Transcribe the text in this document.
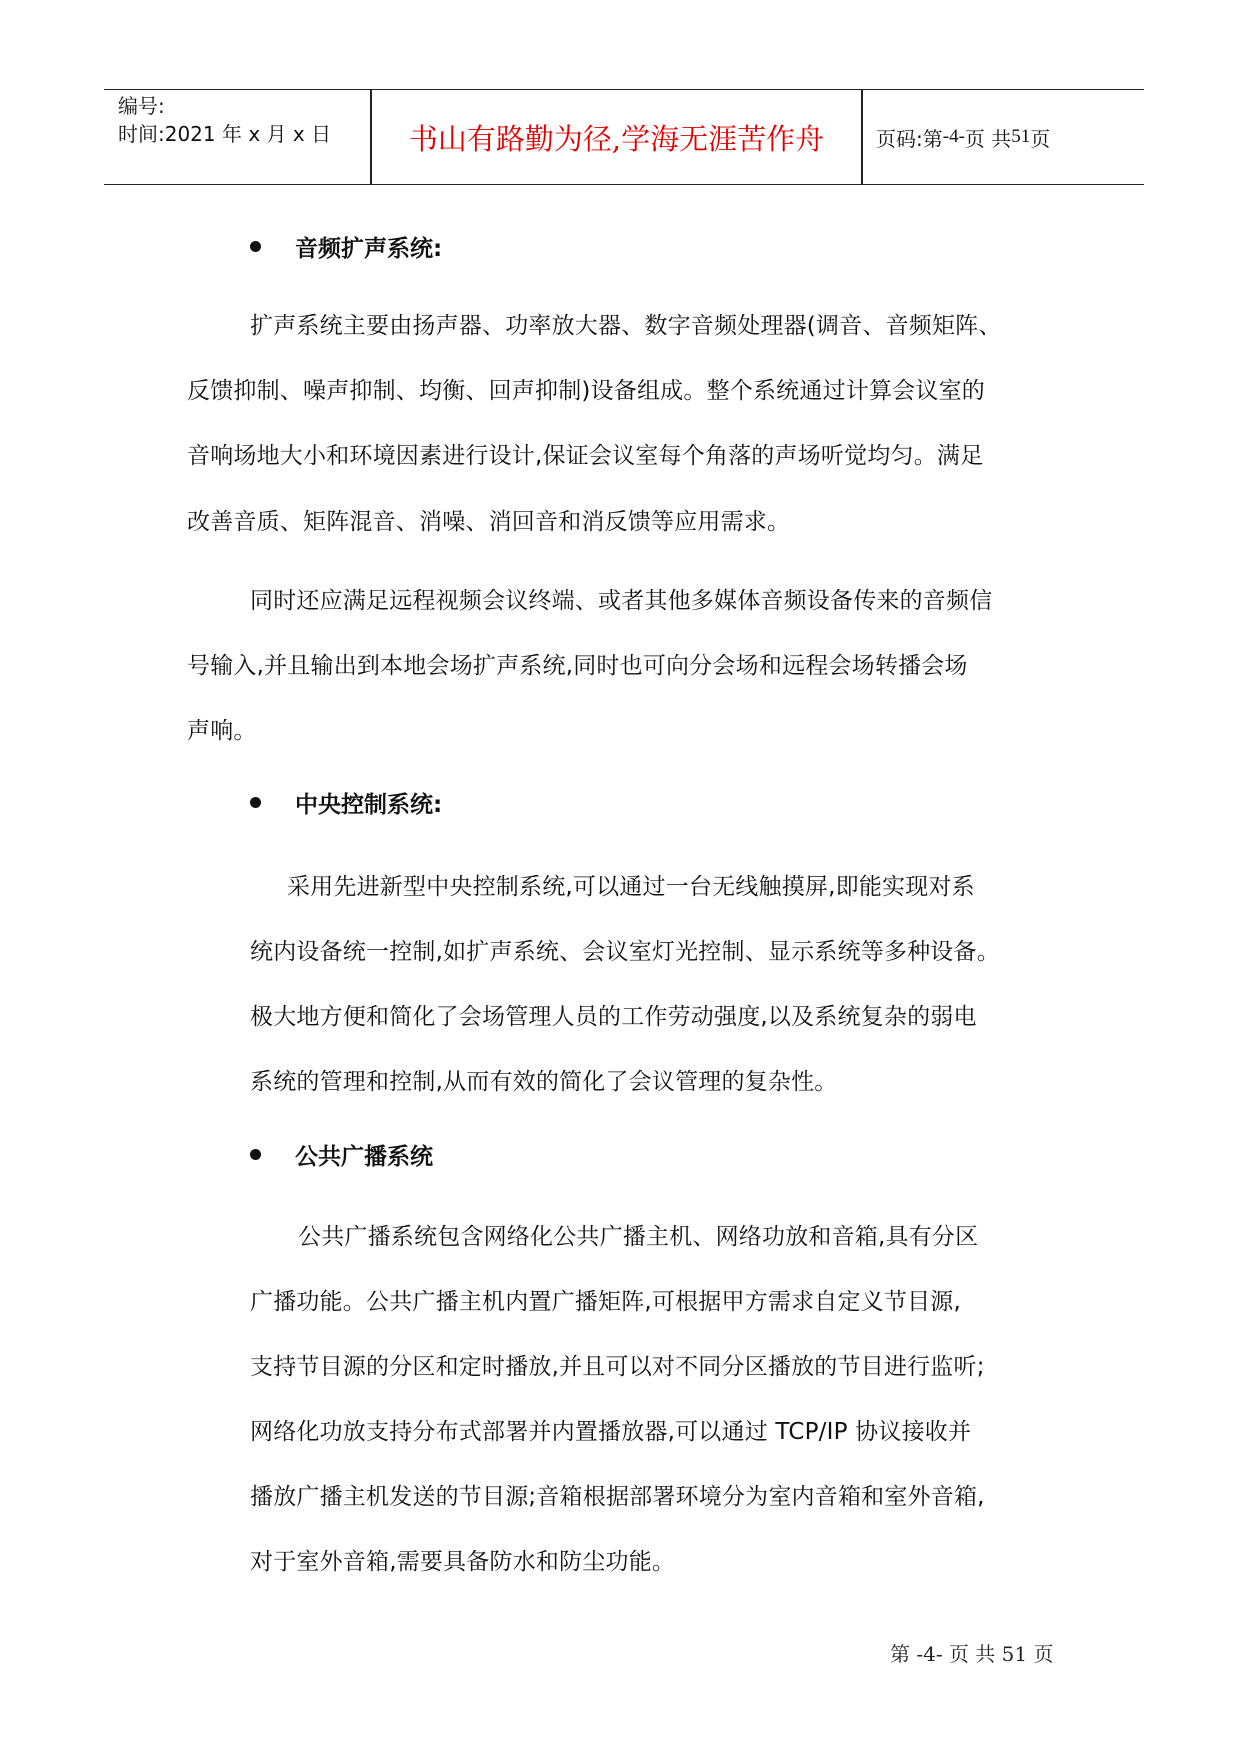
编号:
时间:2021 年 x 月 x 日	书山有路勤为径,学海无涯苦作舟	页码:第 -4- 页 共 51 页
音频扩声系统:
扩声系统主要由扬声器、功率放大器、数字音频处理器(调音、音频矩阵、
反馈抑制、噪声抑制、均衡、回声抑制)设备组成。整个系统通过计算会议室的
音响场地大小和环境因素进行设计,保证会议室每个角落的声场听觉均匀。满足
改善音质、矩阵混音、消噪、消回音和消反馈等应用需求。
同时还应满足远程视频会议终端、或者其他多媒体音频设备传来的音频信
号输入,并且输出到本地会场扩声系统,同时也可向分会场和远程会场转播会场
声响。
中央控制系统:
采用先进新型中央控制系统,可以通过一台无线触摸屏,即能实现对系
统内设备统一控制,如扩声系统、会议室灯光控制、显示系统等多种设备。
极大地方便和简化了会场管理人员的工作劳动强度,以及系统复杂的弱电
系统的管理和控制,从而有效的简化了会议管理的复杂性。
公共广播系统
公共广播系统包含网络化公共广播主机、网络功放和音箱,具有分区
广播功能。公共广播主机内置广播矩阵,可根据甲方需求自定义节目源,
支持节目源的分区和定时播放,并且可以对不同分区播放的节目进行监听;
网络化功放支持分布式部署并内置播放器,可以通过 TCP/IP 协议接收并
播放广播主机发送的节目源;音箱根据部署环境分为室内音箱和室外音箱,
对于室外音箱,需要具备防水和防尘功能。
第 -4- 页 共 51 页
